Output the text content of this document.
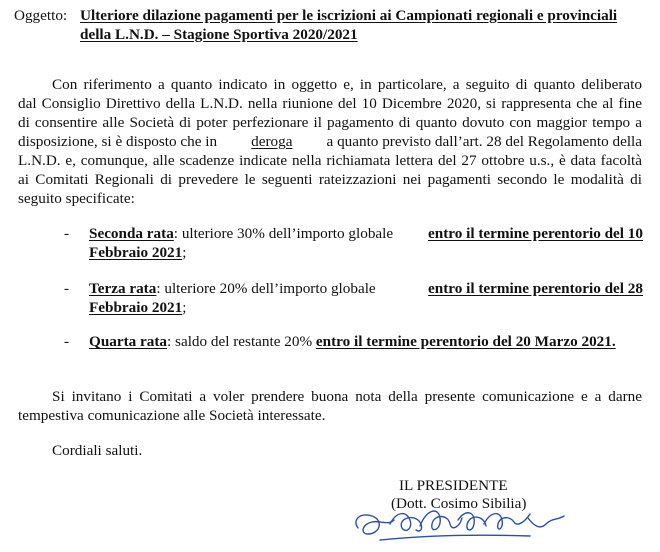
Oggetto: Ulteriore dilazione pagamenti per le iscrizioni ai Campionati regionali e provinciali
della L.N.D. – Stagione Sportiva 2020/2021
Con riferimento a quanto indicato in oggetto e, in particolare, a seguito di quanto deliberato
dal Consiglio Direttivo della L.N.D. nella riunione del 10 Dicembre 2020, si rappresenta che al fine
di consentire alle Società di poter perfezionare il pagamento di quanto dovuto con maggior tempo a
disposizione, si è disposto che in deroga a quanto previsto dall’art. 28 del Regolamento della
L.N.D. e, comunque, alle scadenze indicate nella richiamata lettera del 27 ottobre u.s., è data facoltà
ai Comitati Regionali di prevedere le seguenti rateizzazioni nei pagamenti secondo le modalità di
seguito specificate:
- Seconda rata: ulteriore 30% dell’importo globale entro il termine perentorio del 10
Febbraio 2021;
- Terza rata: ulteriore 20% dell’importo globale	entro il termine perentorio del 28
Febbraio 2021;
- Quarta rata: saldo del restante 20% entro il termine perentorio del 20 Marzo 2021.
Si invitano i Comitati a voler prendere buona nota della presente comunicazione e a darne
tempestiva comunicazione alle Società interessate.
Cordiali saluti.
IL PRESIDENTE
(Dott. Cosimo Sibilia)
